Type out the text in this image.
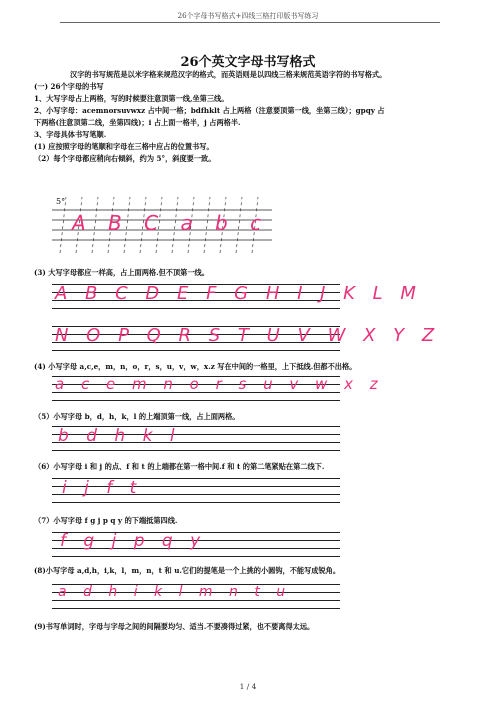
26个字母书写格式+四线三格打印版书写练习
26个英文字母书写格式
汉字的书写规范是以米字格来规范汉字的格式，而英语则是以四线三格来规范英语字符的书写格式。
(一) 26个字母的书写
1、大写字母占上两格，写的时候要注意顶第一线,坐第三线。
2、小写字母：acemnorsuvwxz 占中间一格；bdfhklt 占上两格（注意要顶第一线，坐第三线）；gpqy 占
下两格(注意顶第二线，坐第四线)；i 占上面一格半，j 占两格半.
3、字母具体书写笔顺.
(1) 应按照字母的笔顺和字母在三格中应占的位置书写。
（2）每个字母都应稍向右倾斜，约为 5°，斜度要一致。
5°
A B C a b c
(3) 大写字母都应一样高，占上面两格.但不顶第一线。
A B C D E F G H I J K L M
N O P Q R S T U V W X Y Z
(4) 小写字母 a,c,e，m，n，o，r，s，u，v，w，x.z 写在中间的一格里，上下抵线.但都不出格。
a c e m n o r s u v w x z
（5）小写字母 b，d，h，k，l 的上端顶第一线，占上面两格。
b d h k l
（6）小写字母 i 和 j 的点、f 和 t 的上端都在第一格中间.f 和 t 的第二笔紧贴在第二线下.
i j f t
（7）小写字母 f g j p q y 的下端抵第四线.
f g j p q y
(8)小写字母 a,d,h，i,k，l，m，n，t 和 u.它们的提笔是一个上挑的小圆钩，不能写成锐角。
a d h i k l m n t u
(9)书写单词时，字母与字母之间的间隔要均匀、适当.不要凑得过紧，也不要离得太远。
1 / 4
